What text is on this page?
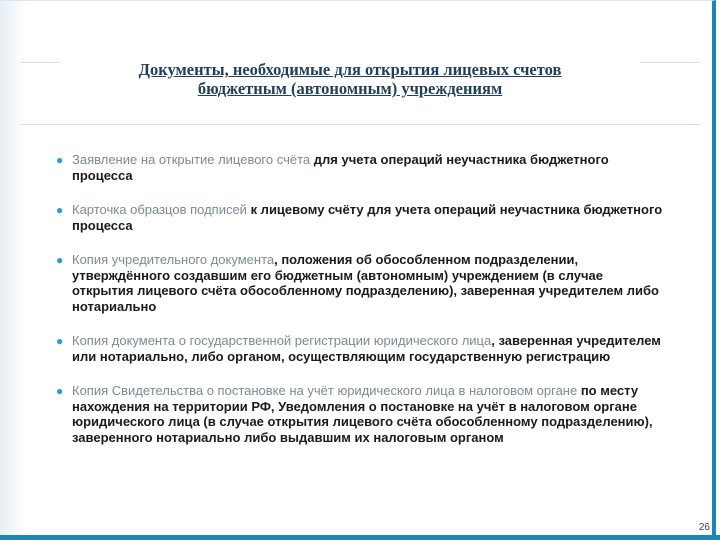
Документы, необходимые для открытия лицевых счетов
бюджетным (автономным) учреждениям
● Заявление на открытие лицевого счёта для учета операций неучастника бюджетного процесса
● Карточка образцов подписей к лицевому счёту для учета операций неучастника бюджетного процесса
● Копия учредительного документа, положения об обособленном подразделении, утверждённого создавшим его бюджетным (автономным) учреждением (в случае открытия лицевого счёта обособленному подразделению), заверенная учредителем либо нотариально
● Копия документа о государственной регистрации юридического лица, заверенная учредителем или нотариально, либо органом, осуществляющим государственную регистрацию
● Копия Свидетельства о постановке на учёт юридического лица в налоговом органе по месту нахождения на территории РФ, Уведомления о постановке на учёт в налоговом органе юридического лица (в случае открытия лицевого счёта обособленному подразделению), заверенного нотариально либо выдавшим их налоговым органом
26
